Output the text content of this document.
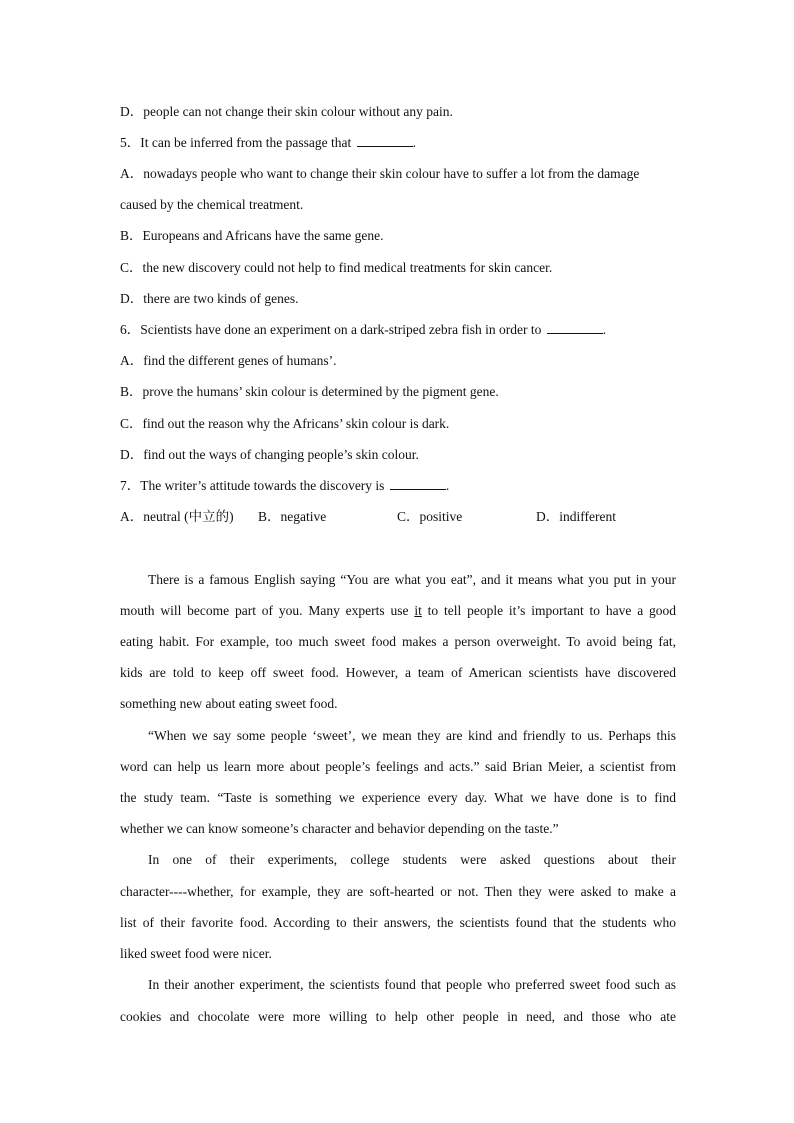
D．people can not change their skin colour without any pain.
5．It can be inferred from the passage that	.
A．nowadays people who want to change their skin colour have to suffer a lot from the damage
caused by the chemical treatment.
B．Europeans and Africans have the same gene.
C．the new discovery could not help to find medical treatments for skin cancer.
D．there are two kinds of genes.
6．Scientists have done an experiment on a dark-striped zebra fish in order to	.
A．find the different genes of humans’.
B．prove the humans’ skin colour is determined by the pigment gene.
C．find out the reason why the Africans’ skin colour is dark.
D．find out the ways of changing people’s skin colour.
7．The writer’s attitude towards the discovery is	.
A．neutral (中立的) B．negative	C．positive	D．indifferent
There is a famous English saying “You are what you eat”, and it means what you put in your
mouth will become part of you. Many experts use it to tell people it’s important to have a good
eating habit. For example, too much sweet food makes a person overweight. To avoid being fat,
kids are told to keep off sweet food. However, a team of American scientists have discovered
something new about eating sweet food.
“When we say some people ‘sweet’, we mean they are kind and friendly to us. Perhaps this
word can help us learn more about people’s feelings and acts.” said Brian Meier, a scientist from
the study team. “Taste is something we experience every day. What we have done is to find
whether we can know someone’s character and behavior depending on the taste.”
In one of their experiments, college students were asked questions about their
character----whether, for example, they are soft-hearted or not. Then they were asked to make a
list of their favorite food. According to their answers, the scientists found that the students who
liked sweet food were nicer.
In their another experiment, the scientists found that people who preferred sweet food such as
cookies and chocolate were more willing to help other people in need, and those who ate
